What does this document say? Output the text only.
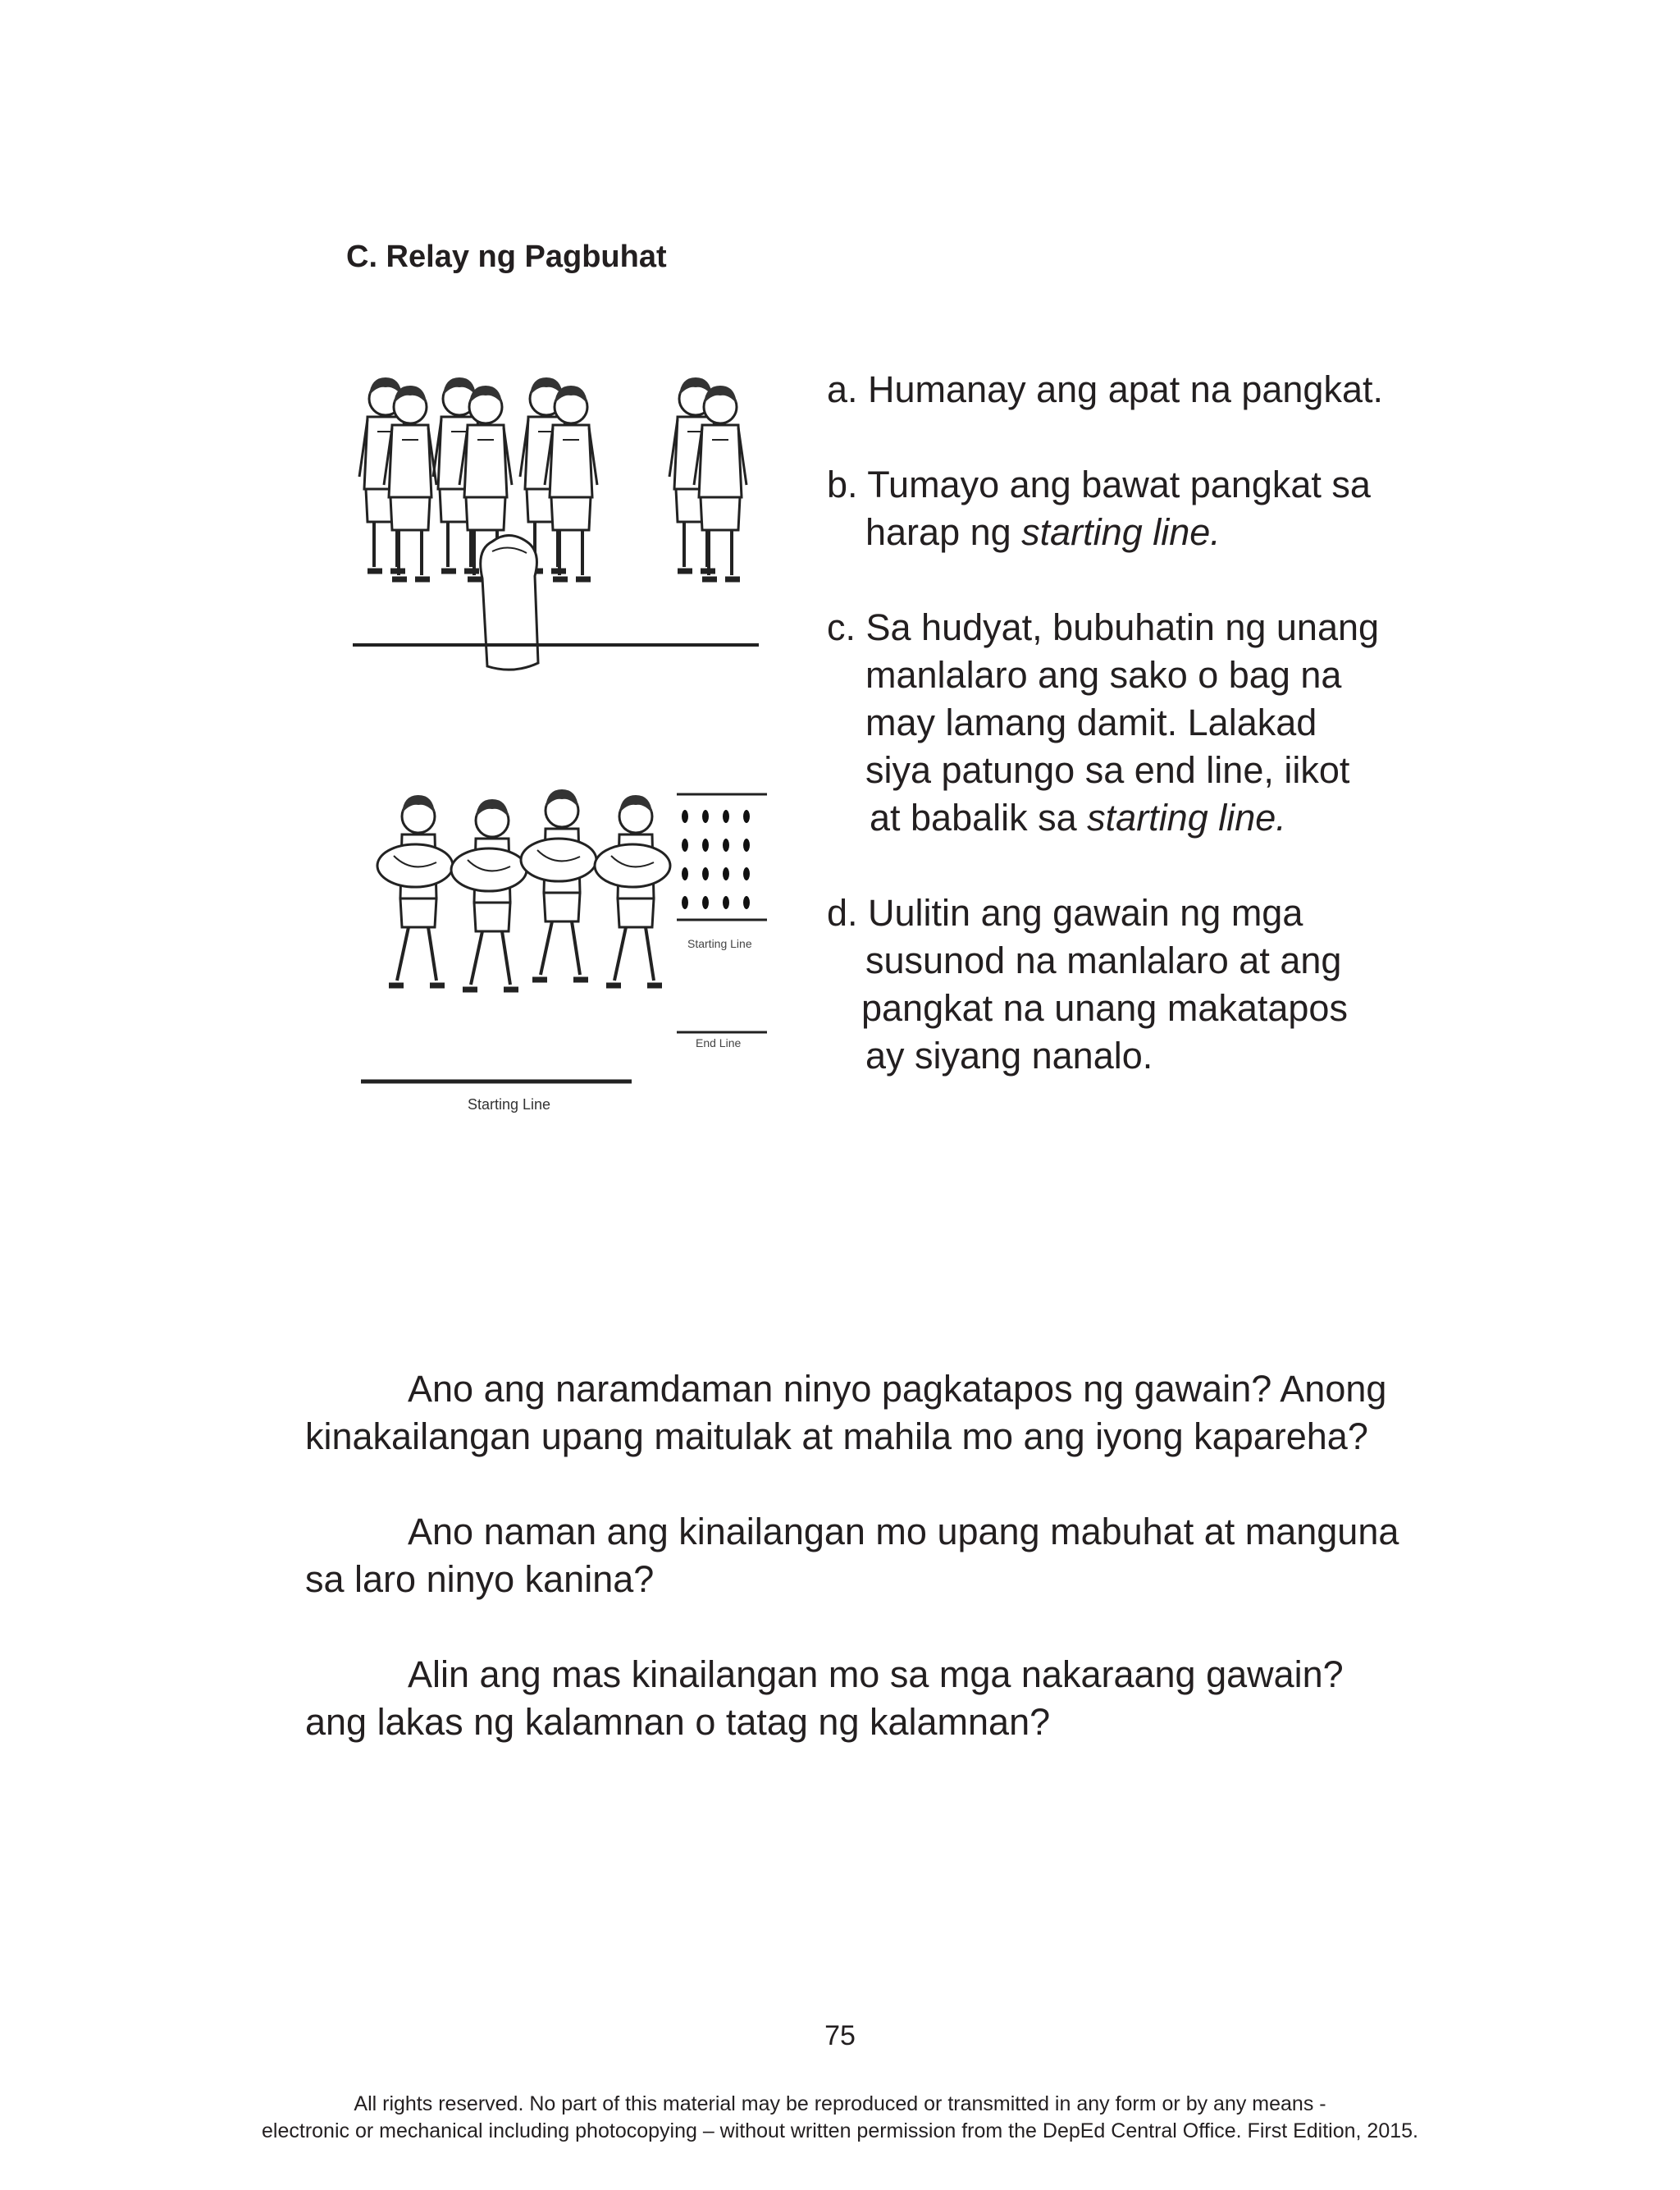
C. Relay ng Pagbuhat
Starting Line
Starting Line
End Line
a. Humanay ang apat na pangkat.
b. Tumayo ang bawat pangkat sa
harap ng starting line.
c. Sa hudyat, bubuhatin ng unang
manlalaro ang sako o bag na
may lamang damit. Lalakad
siya patungo sa end line, iikot
at babalik sa starting line.
d. Uulitin ang gawain ng mga
susunod na manlalaro at ang
pangkat na unang makatapos
ay siyang nanalo.
Ano ang naramdaman ninyo pagkatapos ng gawain? Anong
kinakailangan upang maitulak at mahila mo ang iyong kapareha?
Ano naman ang kinailangan mo upang mabuhat at manguna
sa laro ninyo kanina?
Alin ang mas kinailangan mo sa mga nakaraang gawain?
ang lakas ng kalamnan o tatag ng kalamnan?
75
All rights reserved. No part of this material may be reproduced or transmitted in any form or by any means -
electronic or mechanical including photocopying – without written permission from the DepEd Central Office. First Edition, 2015.
